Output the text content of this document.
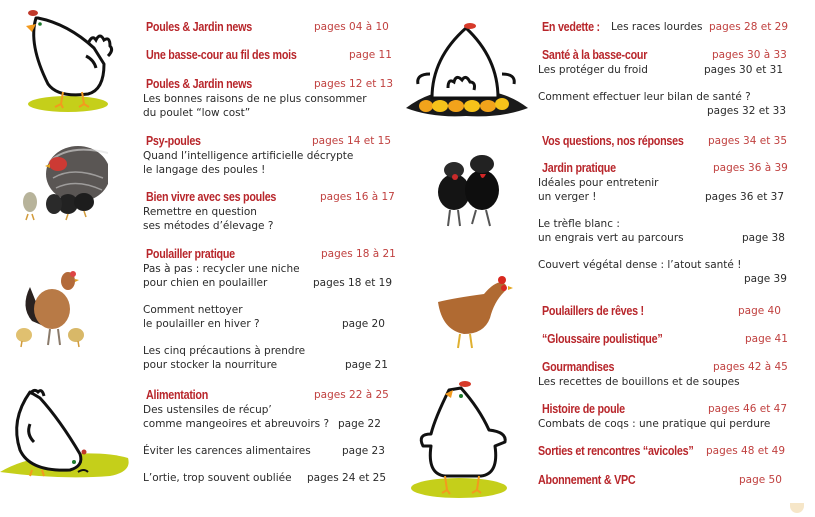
Poules & Jardin news	pages 04 à 10
Une basse-cour au fil des mois	page 11
Poules & Jardin news	pages 12 et 13
Les bonnes raisons de ne plus consommer
du poulet “low cost”
Psy-poules	pages 14 et 15
Quand l’intelligence artificielle décrypte
le langage des poules !
Bien vivre avec ses poules	pages 16 à 17
Remettre en question
ses métodes d’élevage ?
Poulailler pratique	pages 18 à 21
Pas à pas : recycler une niche
pour chien en poulailler	pages 18 et 19
Comment nettoyer
le poulailler en hiver ?	page 20
Les cinq précautions à prendre
pour stocker la nourriture	page 21
Alimentation	pages 22 à 25
Des ustensiles de récup’
comme mangeoires et abreuvoirs ? page 22
Éviter les carences alimentaires	page 23
L’ortie, trop souvent oubliée pages 24 et 25
En vedette : Les races lourdes pages 28 et 29
Santé à la basse-cour	pages 30 à 33
Les protéger du froid	pages 30 et 31
Comment effectuer leur bilan de santé ?
pages 32 et 33
Vos questions, nos réponses pages 34 et 35
Jardin pratique	pages 36 à 39
Idéales pour entretenir
un verger !	pages 36 et 37
Le trèfle blanc :
un engrais vert au parcours	page 38
Couvert végétal dense : l’atout santé !
page 39
Poulaillers de rêves !	page 40
“Gloussaire poulistique”	page 41
Gourmandises	pages 42 à 45
Les recettes de bouillons et de soupes
Histoire de poule	pages 46 et 47
Combats de coqs : une pratique qui perdure
Sorties et rencontres “avicoles” pages 48 et 49
Abonnement & VPC	page 50
